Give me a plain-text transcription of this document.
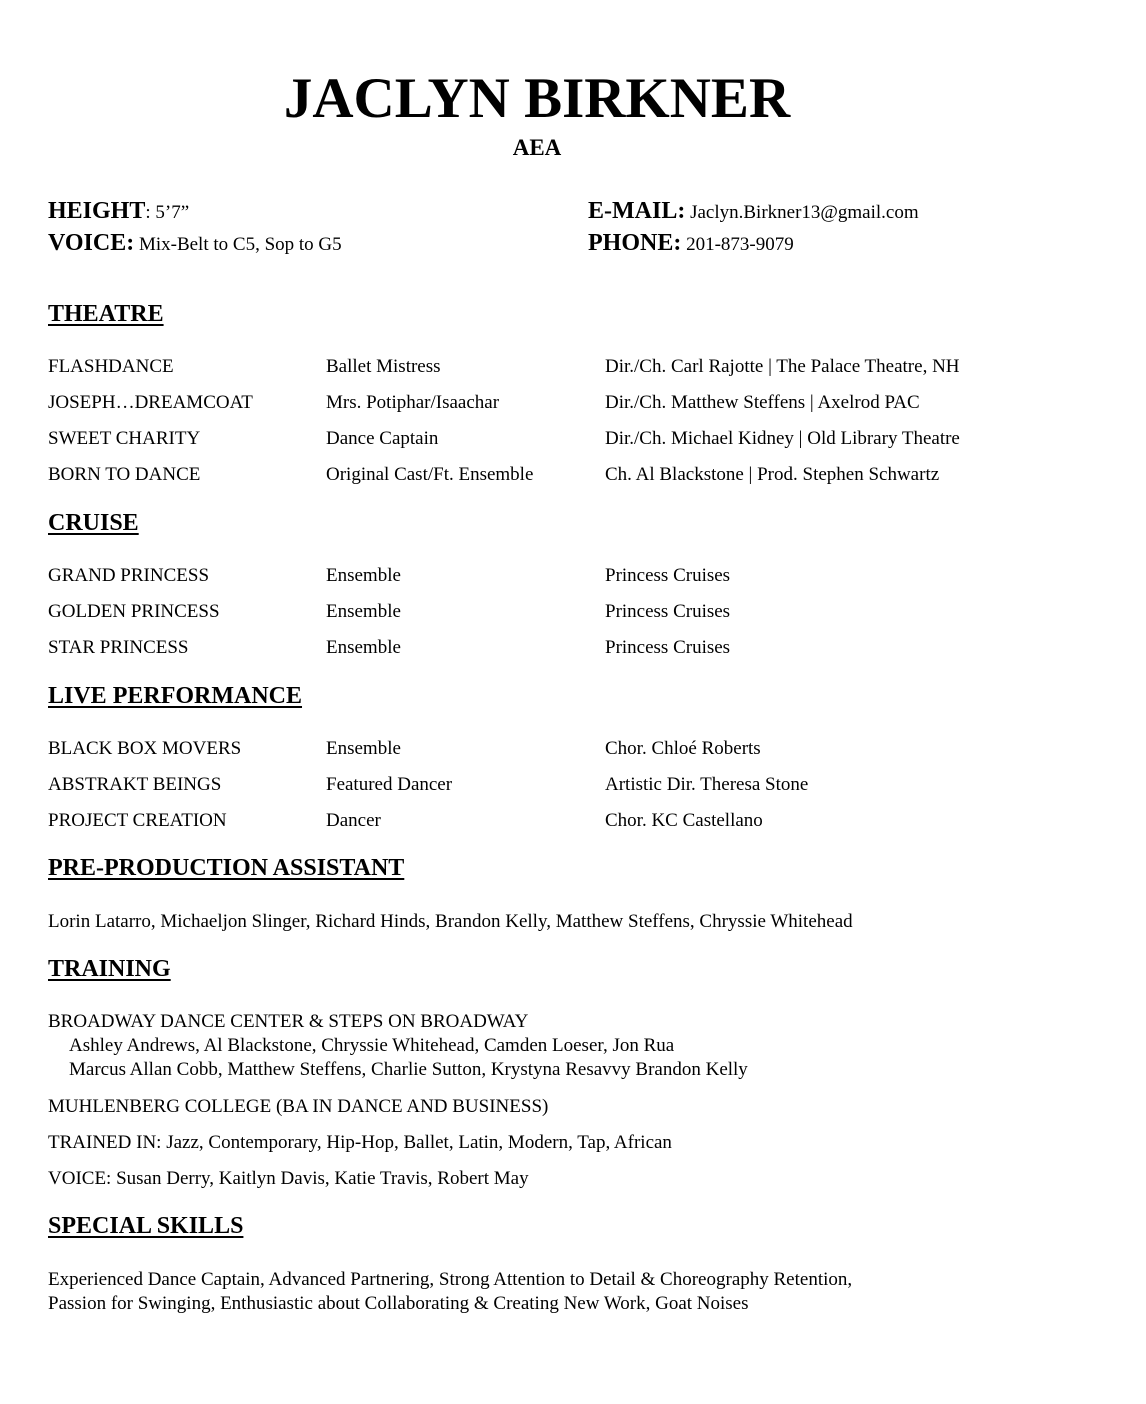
JACLYN BIRKNER
AEA
HEIGHT: 5’7”
VOICE: Mix-Belt to C5, Sop to G5
E-MAIL: Jaclyn.Birkner13@gmail.com
PHONE: 201-873-9079
THEATRE
FLASHDANCE	Ballet Mistress	Dir./Ch. Carl Rajotte | The Palace Theatre, NH
JOSEPH…DREAMCOAT	Mrs. Potiphar/Isaachar	Dir./Ch. Matthew Steffens | Axelrod PAC
SWEET CHARITY	Dance Captain	Dir./Ch. Michael Kidney | Old Library Theatre
BORN TO DANCE	Original Cast/Ft. Ensemble	Ch. Al Blackstone | Prod. Stephen Schwartz
CRUISE
GRAND PRINCESS	Ensemble	Princess Cruises
GOLDEN PRINCESS	Ensemble	Princess Cruises
STAR PRINCESS	Ensemble	Princess Cruises
LIVE PERFORMANCE
BLACK BOX MOVERS	Ensemble	Chor. Chloé Roberts
ABSTRAKT BEINGS	Featured Dancer	Artistic Dir. Theresa Stone
PROJECT CREATION	Dancer	Chor. KC Castellano
PRE-PRODUCTION ASSISTANT
Lorin Latarro, Michaeljon Slinger, Richard Hinds, Brandon Kelly, Matthew Steffens, Chryssie Whitehead
TRAINING
BROADWAY DANCE CENTER & STEPS ON BROADWAY
Ashley Andrews, Al Blackstone, Chryssie Whitehead, Camden Loeser, Jon Rua
Marcus Allan Cobb, Matthew Steffens, Charlie Sutton, Krystyna Resavvy Brandon Kelly
MUHLENBERG COLLEGE (BA IN DANCE AND BUSINESS)
TRAINED IN: Jazz, Contemporary, Hip-Hop, Ballet, Latin, Modern, Tap, African
VOICE: Susan Derry, Kaitlyn Davis, Katie Travis, Robert May
SPECIAL SKILLS
Experienced Dance Captain, Advanced Partnering, Strong Attention to Detail & Choreography Retention,
Passion for Swinging, Enthusiastic about Collaborating & Creating New Work, Goat Noises
